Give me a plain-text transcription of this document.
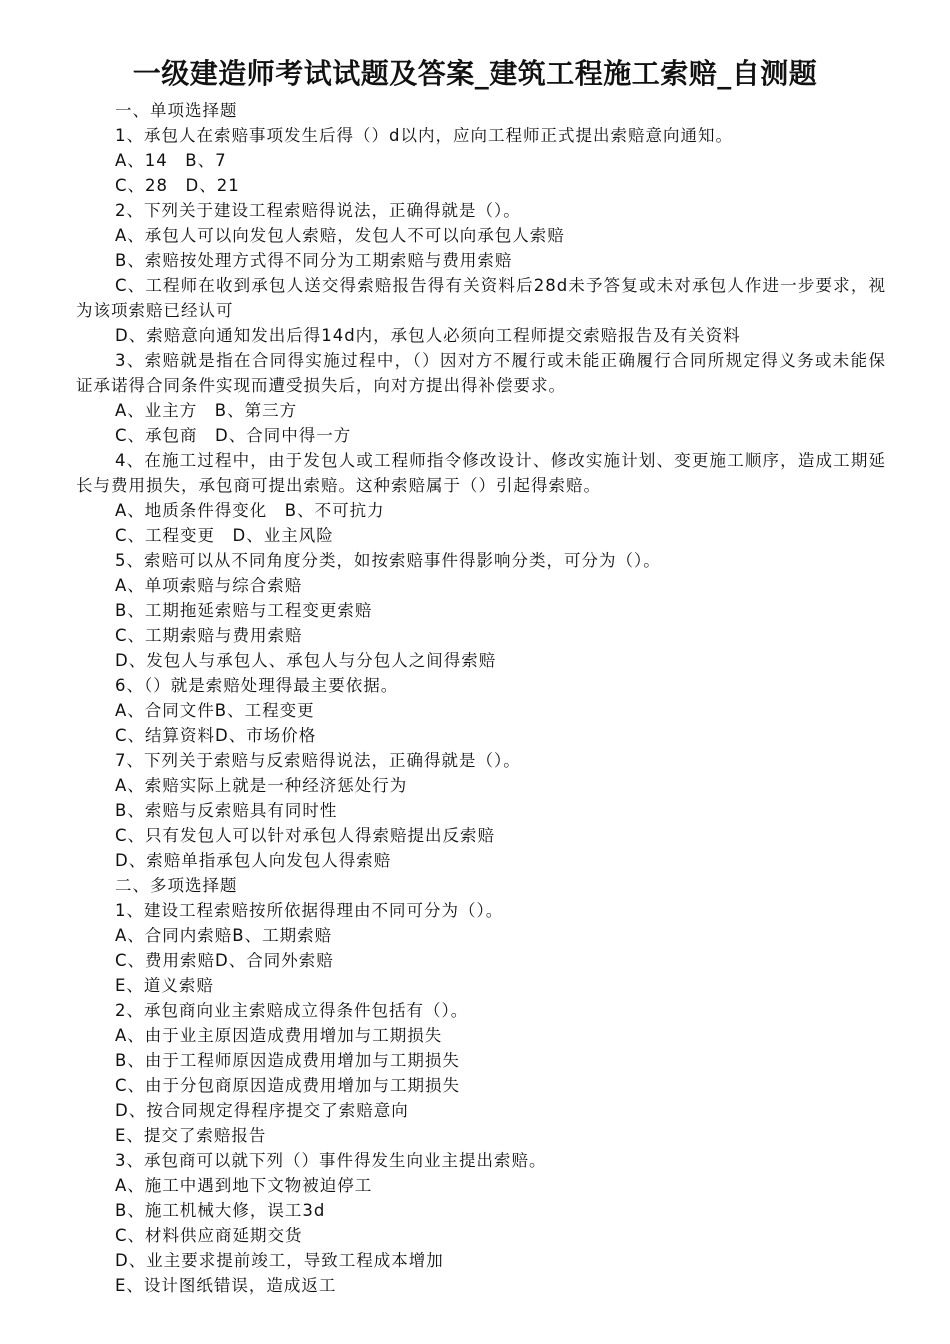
一级建造师考试试题及答案_建筑工程施工索赔_自测题
一、单项选择题
1、承包人在索赔事项发生后得（）d以内，应向工程师正式提出索赔意向通知。
A、14　B、7
C、28　D、21
2、下列关于建设工程索赔得说法，正确得就是（）。
A、承包人可以向发包人索赔，发包人不可以向承包人索赔
B、索赔按处理方式得不同分为工期索赔与费用索赔
C、工程师在收到承包人送交得索赔报告得有关资料后28d未予答复或未对承包人作进一步要求，视为该项索赔已经认可
D、索赔意向通知发出后得14d内，承包人必须向工程师提交索赔报告及有关资料
3、索赔就是指在合同得实施过程中，（）因对方不履行或未能正确履行合同所规定得义务或未能保证承诺得合同条件实现而遭受损失后，向对方提出得补偿要求。
A、业主方　B、第三方
C、承包商　D、合同中得一方
4、在施工过程中，由于发包人或工程师指令修改设计、修改实施计划、变更施工顺序，造成工期延长与费用损失，承包商可提出索赔。这种索赔属于（）引起得索赔。
A、地质条件得变化　B、不可抗力
C、工程变更　D、业主风险
5、索赔可以从不同角度分类，如按索赔事件得影响分类，可分为（）。
A、单项索赔与综合索赔
B、工期拖延索赔与工程变更索赔
C、工期索赔与费用索赔
D、发包人与承包人、承包人与分包人之间得索赔
6、（）就是索赔处理得最主要依据。
A、合同文件B、工程变更
C、结算资料D、市场价格
7、下列关于索赔与反索赔得说法，正确得就是（）。
A、索赔实际上就是一种经济惩处行为
B、索赔与反索赔具有同时性
C、只有发包人可以针对承包人得索赔提出反索赔
D、索赔单指承包人向发包人得索赔
二、多项选择题
1、建设工程索赔按所依据得理由不同可分为（）。
A、合同内索赔B、工期索赔
C、费用索赔D、合同外索赔
E、道义索赔
2、承包商向业主索赔成立得条件包括有（）。
A、由于业主原因造成费用增加与工期损失
B、由于工程师原因造成费用增加与工期损失
C、由于分包商原因造成费用增加与工期损失
D、按合同规定得程序提交了索赔意向
E、提交了索赔报告
3、承包商可以就下列（）事件得发生向业主提出索赔。
A、施工中遇到地下文物被迫停工
B、施工机械大修，误工3d
C、材料供应商延期交货
D、业主要求提前竣工，导致工程成本增加
E、设计图纸错误，造成返工
